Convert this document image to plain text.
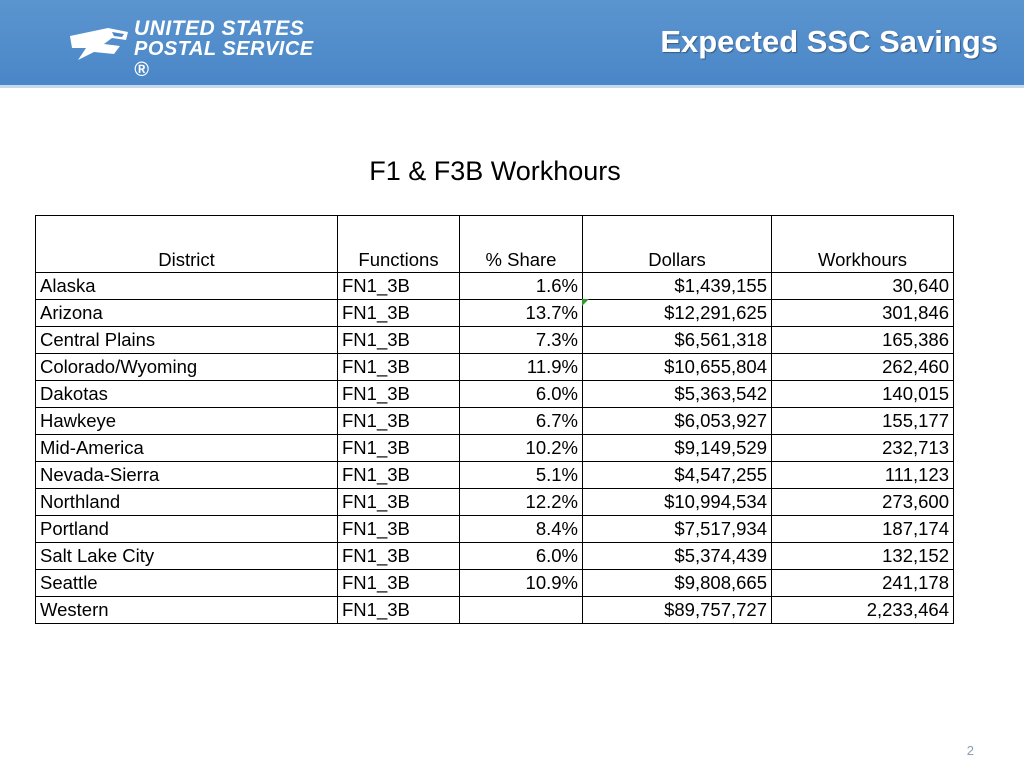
UNITED STATES
POSTAL SERVICE ®
Expected SSC Savings
F1 & F3B Workhours
District	Functions	% Share	Dollars	Workhours
Alaska	FN1_3B	1.6%	$1,439,155	30,640
Arizona	FN1_3B	13.7%	$12,291,625	301,846
Central Plains	FN1_3B	7.3%	$6,561,318	165,386
Colorado/Wyoming	FN1_3B	11.9%	$10,655,804	262,460
Dakotas	FN1_3B	6.0%	$5,363,542	140,015
Hawkeye	FN1_3B	6.7%	$6,053,927	155,177
Mid-America	FN1_3B	10.2%	$9,149,529	232,713
Nevada-Sierra	FN1_3B	5.1%	$4,547,255	111,123
Northland	FN1_3B	12.2%	$10,994,534	273,600
Portland	FN1_3B	8.4%	$7,517,934	187,174
Salt Lake City	FN1_3B	6.0%	$5,374,439	132,152
Seattle	FN1_3B	10.9%	$9,808,665	241,178
Western	FN1_3B		$89,757,727	2,233,464
2
